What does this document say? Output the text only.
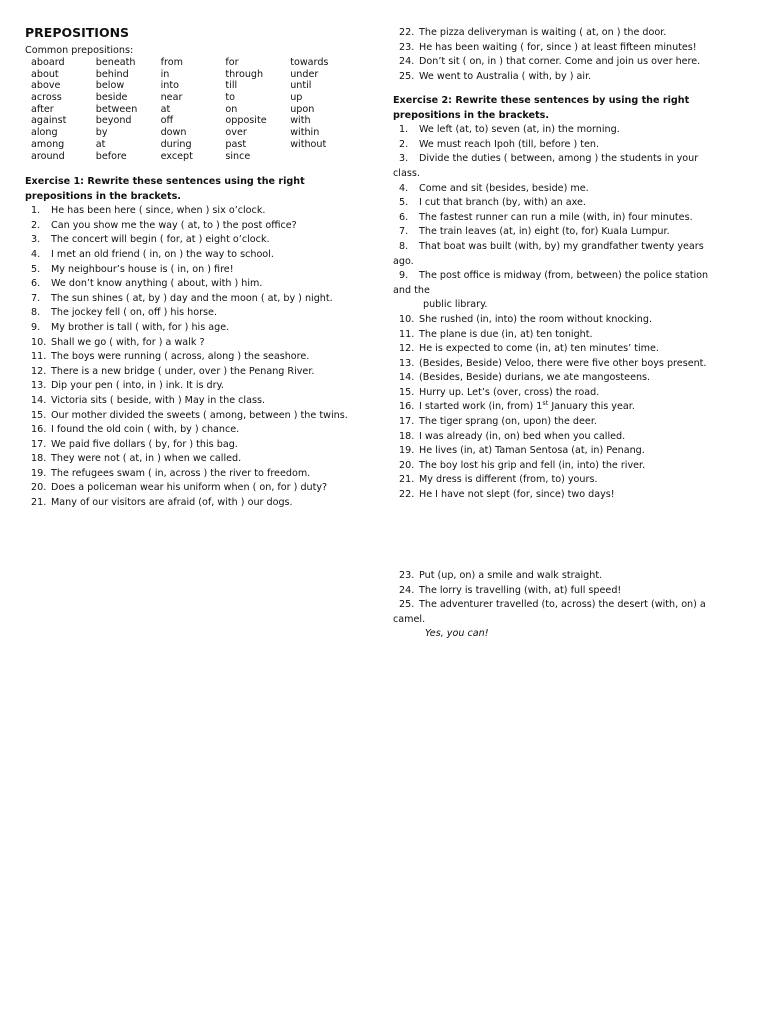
PREPOSITIONS
Common prepositions:
aboard	beneath	from	for	towards
about	behind	in	through	under
above	below	into	till	until
across	beside	near	to	up
after	between	at	on	upon
against	beyond	off	opposite	with
along	by	down	over	within
among	at	during	past	without
around	before	except	since
Exercise 1: Rewrite these sentences using the right prepositions in the brackets.
1. He has been here ( since, when ) six o’clock.
2. Can you show me the way ( at, to ) the post office?
3. The concert will begin ( for, at ) eight o’clock.
4. I met an old friend ( in, on ) the way to school.
5. My neighbour’s house is ( in, on ) fire!
6. We don’t know anything ( about, with ) him.
7. The sun shines ( at, by ) day and the moon ( at, by ) night.
8. The jockey fell ( on, off ) his horse.
9. My brother is tall ( with, for ) his age.
10. Shall we go ( with, for ) a walk ?
11. The boys were running ( across, along ) the seashore.
12. There is a new bridge ( under, over ) the Penang River.
13. Dip your pen ( into, in ) ink. It is dry.
14. Victoria sits ( beside, with ) May in the class.
15. Our mother divided the sweets ( among, between ) the twins.
16. I found the old coin ( with, by ) chance.
17. We paid five dollars ( by, for ) this bag.
18. They were not ( at, in ) when we called.
19. The refugees swam ( in, across ) the river to freedom.
20. Does a policeman wear his uniform when ( on, for ) duty?
21. Many of our visitors are afraid (of, with ) our dogs.
22. The pizza deliveryman is waiting ( at, on ) the door.
23. He has been waiting ( for, since ) at least fifteen minutes!
24. Don’t sit ( on, in ) that corner. Come and join us over here.
25. We went to Australia ( with, by ) air.
Exercise 2: Rewrite these sentences by using the right prepositions in the brackets.
1. We left (at, to) seven (at, in) the morning.
2. We must reach Ipoh (till, before ) ten.
3. Divide the duties ( between, among ) the students in your class.
4. Come and sit (besides, beside) me.
5. I cut that branch (by, with) an axe.
6. The fastest runner can run a mile (with, in) four minutes.
7. The train leaves (at, in) eight (to, for) Kuala Lumpur.
8. That boat was built (with, by) my grandfather twenty years ago.
9. The post office is midway (from, between) the police station and the
public library.
10. She rushed (in, into) the room without knocking.
11. The plane is due (in, at) ten tonight.
12. He is expected to come (in, at) ten minutes’ time.
13. (Besides, Beside) Veloo, there were five other boys present.
14. (Besides, Beside) durians, we ate mangosteens.
15. Hurry up. Let’s (over, cross) the road.
16. I started work (in, from) 1st January this year.
17. The tiger sprang (on, upon) the deer.
18. I was already (in, on) bed when you called.
19. He lives (in, at) Taman Sentosa (at, in) Penang.
20. The boy lost his grip and fell (in, into) the river.
21. My dress is different (from, to) yours.
22. He I have not slept (for, since) two days!
23. Put (up, on) a smile and walk straight.
24. The lorry is travelling (with, at) full speed!
25. The adventurer travelled (to, across) the desert (with, on) a camel.
Yes, you can!
